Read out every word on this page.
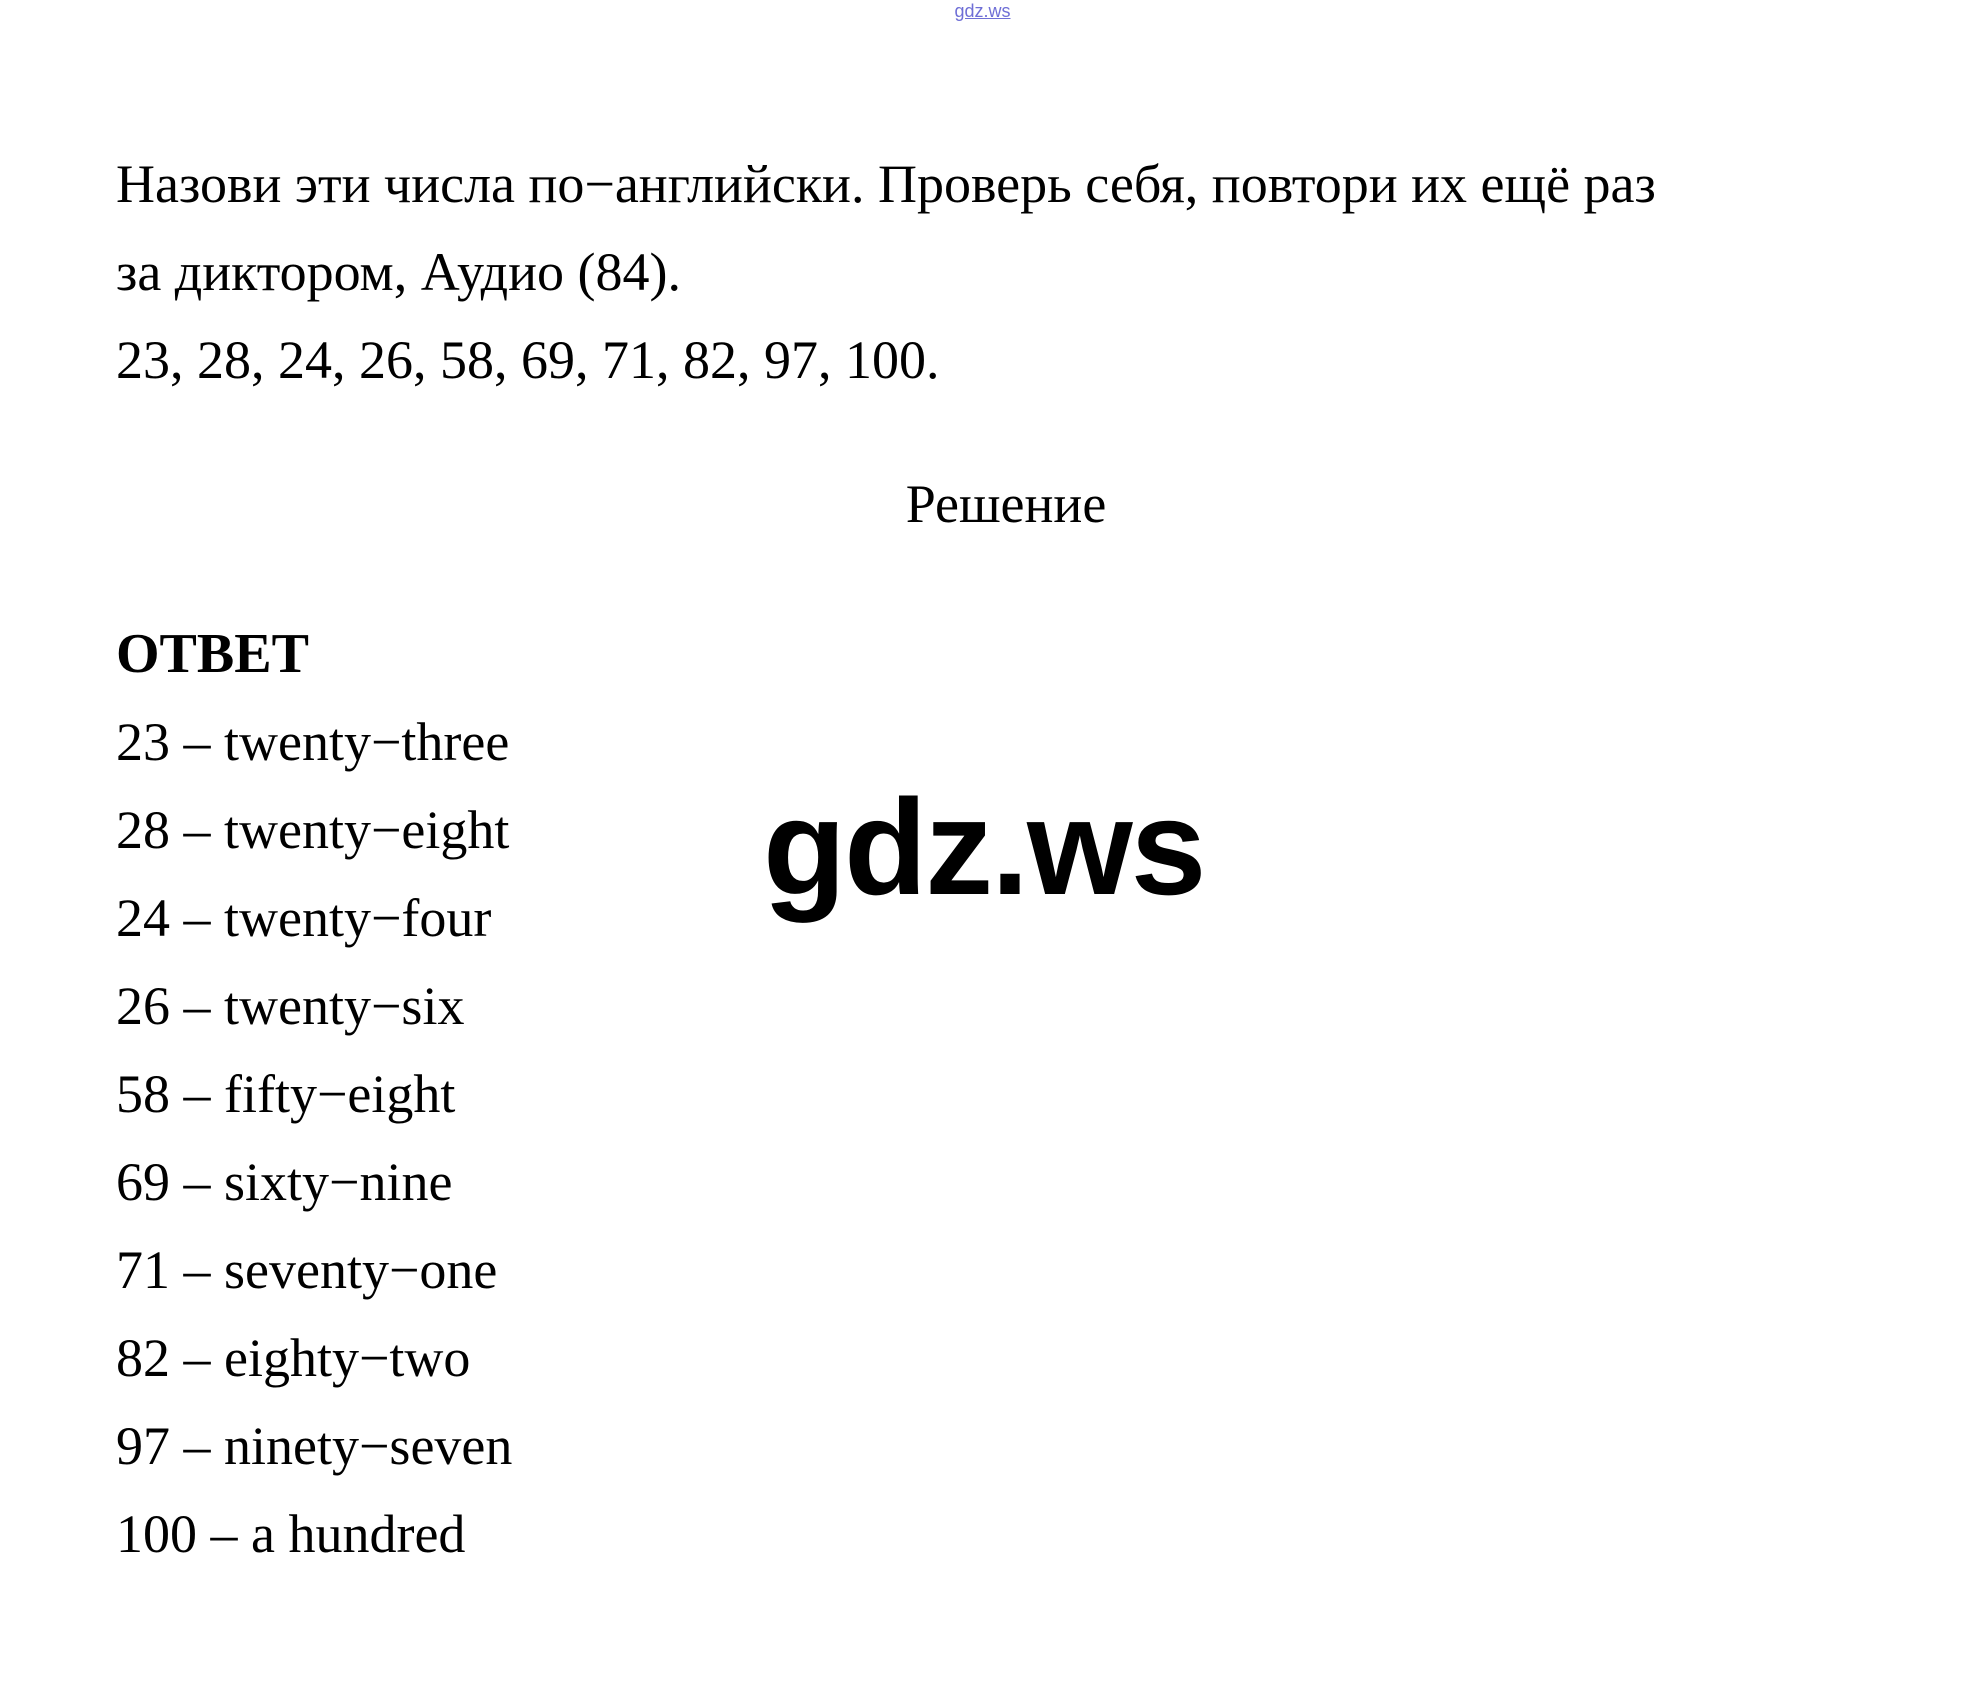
gdz.ws
Назови эти числа по−английски. Проверь себя, повтори их ещё раз
за диктором, Аудио (84).
23, 28, 24, 26, 58, 69, 71, 82, 97, 100.
Решение
ОТВЕТ
23 – twenty−three
28 – twenty−eight
24 – twenty−four
26 – twenty−six
58 – fifty−eight
69 – sixty−nine
71 – seventy−one
82 – eighty−two
97 – ninety−seven
100 – a hundred
gdz.ws
